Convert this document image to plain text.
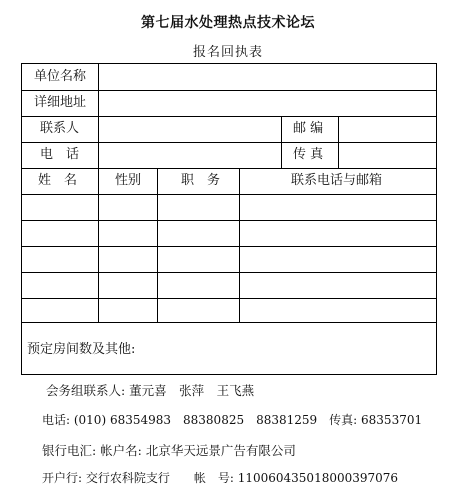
第七届水处理热点技术论坛
报名回执表
单位名称
详细地址
联系人	邮 编
电　话	传 真
姓　名	性别	职　务	联系电话与邮箱
预定房间数及其他:
会务组联系人: 董元喜　张萍　王飞燕
电话: (010) 68354983　88380825　88381259　传真: 68353701
银行电汇: 帐户名: 北京华天远景广告有限公司
开户行: 交行农科院支行　　帐　号: 110060435018000397076
